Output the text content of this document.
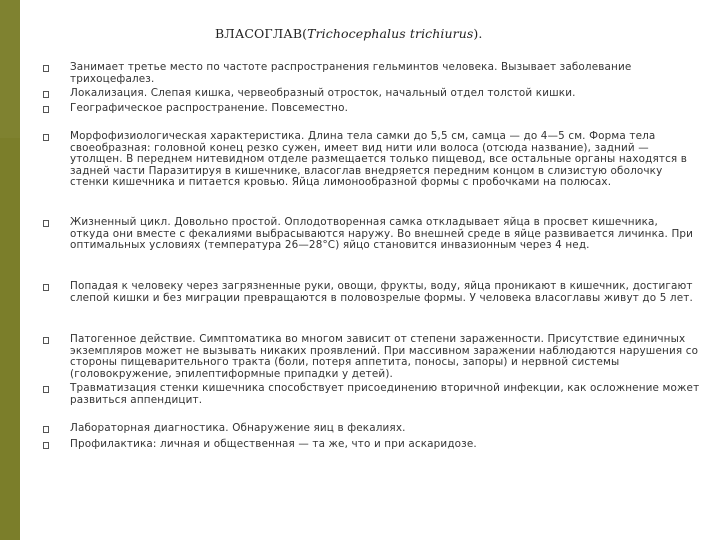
ВЛАСОГЛАВ(Trichocephalus trichiurus).
Занимает третье место по частоте распространения гельминтов человека. Вызывает заболевание трихоцефалез.
Локализация. Слепая кишка, червеобразный отросток, начальный отдел толстой кишки.
Географическое распространение. Повсеместно.
Морфофизиологическая характеристика. Длина тела самки до 5,5 см, самца — до 4—5 см. Форма тела своеобразная: головной конец резко сужен, имеет вид нити или волоса (отсюда название), задний — утолщен. В переднем нитевидном отделе размещается только пищевод, все остальные органы находятся в задней части Паразитируя в кишечнике, власоглав внедряется передним концом в слизистую оболочку стенки кишечника и питается кровью. Яйца лимонообразной формы с пробочками на полюсах.
Жизненный цикл. Довольно простой. Оплодотворенная самка откладывает яйца в просвет кишечника, откуда они вместе с фекалиями выбрасываются наружу. Во внешней среде в яйце развивается личинка. При оптимальных условиях (температура 26—28°С) яйцо становится инвазионным через 4 нед.
Попадая к человеку через загрязненные руки, овощи, фрукты, воду, яйца проникают в кишечник, достигают слепой кишки и без миграции превращаются в половозрелые формы. У человека власоглавы живут до 5 лет.
Патогенное действие. Симптоматика во многом зависит от степени зараженности. Присутствие единичных экземпляров может не вызывать никаких проявлений. При массивном заражении наблюдаются нарушения со стороны пищеварительного тракта (боли, потеря аппетита, поносы, запоры) и нервной системы (головокружение, эпилептиформные припадки у детей).
Травматизация стенки кишечника способствует присоединению вторичной инфекции, как осложнение может развиться аппендицит.
Лабораторная диагностика. Обнаружение яиц в фекалиях.
Профилактика: личная и общественная — та же, что и при аскаридозе.
